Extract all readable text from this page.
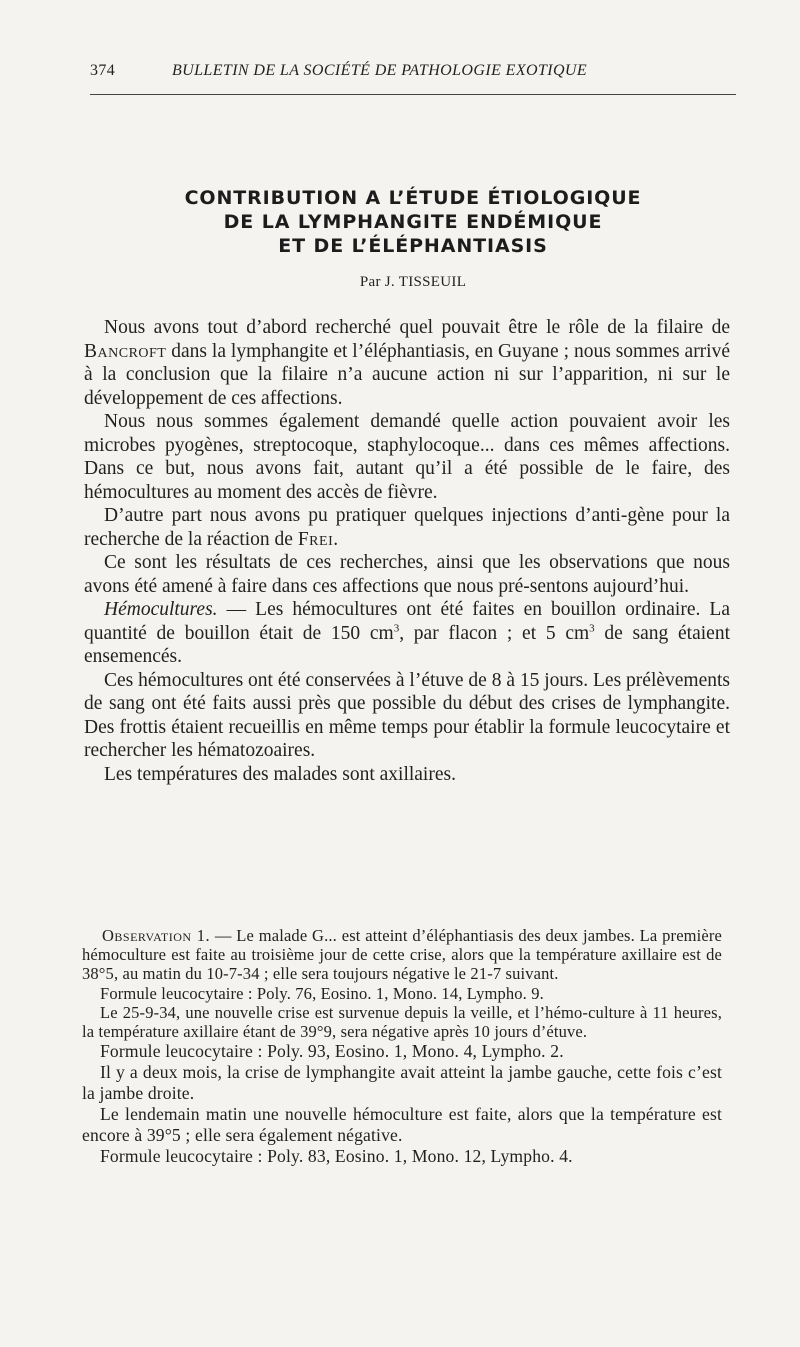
374	BULLETIN DE LA SOCIÉTÉ DE PATHOLOGIE EXOTIQUE
CONTRIBUTION A L’ÉTUDE ÉTIOLOGIQUE
DE LA LYMPHANGITE ENDÉMIQUE
ET DE L’ÉLÉPHANTIASIS
Par J. TISSEUIL

Nous avons tout d’abord recherché quel pouvait être le rôle de la filaire de Bancroft dans la lymphangite et l’éléphantiasis, en Guyane ; nous sommes arrivé à la conclusion que la filaire n’a aucune action ni sur l’apparition, ni sur le développement de ces affections.

Nous nous sommes également demandé quelle action pouvaient avoir les microbes pyogènes, streptocoque, staphylocoque... dans ces mêmes affections. Dans ce but, nous avons fait, autant qu’il a été possible de le faire, des hémocultures au moment des accès de fièvre.

D’autre part nous avons pu pratiquer quelques injections d’anti-gène pour la recherche de la réaction de Frei.

Ce sont les résultats de ces recherches, ainsi que les observations que nous avons été amené à faire dans ces affections que nous pré-sentons aujourd’hui.

Hémocultures. — Les hémocultures ont été faites en bouillon ordinaire. La quantité de bouillon était de 150 $cm^3$, par flacon ; et 5 $cm^3$ de sang étaient ensemencés.

Ces hémocultures ont été conservées à l’étuve de 8 à 15 jours. Les prélèvements de sang ont été faits aussi près que possible du début des crises de lymphangite. Des frottis étaient recueillis en même temps pour établir la formule leucocytaire et rechercher les hématozoaires.

Les températures des malades sont axillaires.

Observation 1. — Le malade G... est atteint d’éléphantiasis des deux jambes. La première hémoculture est faite au troisième jour de cette crise, alors que la température axillaire est de 38°5, au matin du 10-7-34 ; elle sera toujours négative le 21-7 suivant.

Formule leucocytaire : Poly. 76, Eosino. 1, Mono. 14, Lympho. 9.

Le 25-9-34, une nouvelle crise est survenue depuis la veille, et l’hémo-culture à 11 heures, la température axillaire étant de 39°9, sera négative après 10 jours d’étuve.

Formule leucocytaire : Poly. 93, Eosino. 1, Mono. 4, Lympho. 2.

Il y a deux mois, la crise de lymphangite avait atteint la jambe gauche, cette fois c’est la jambe droite.

Le lendemain matin une nouvelle hémoculture est faite, alors que la température est encore à 39°5 ; elle sera également négative.

Formule leucocytaire : Poly. 83, Eosino. 1, Mono. 12, Lympho. 4.
